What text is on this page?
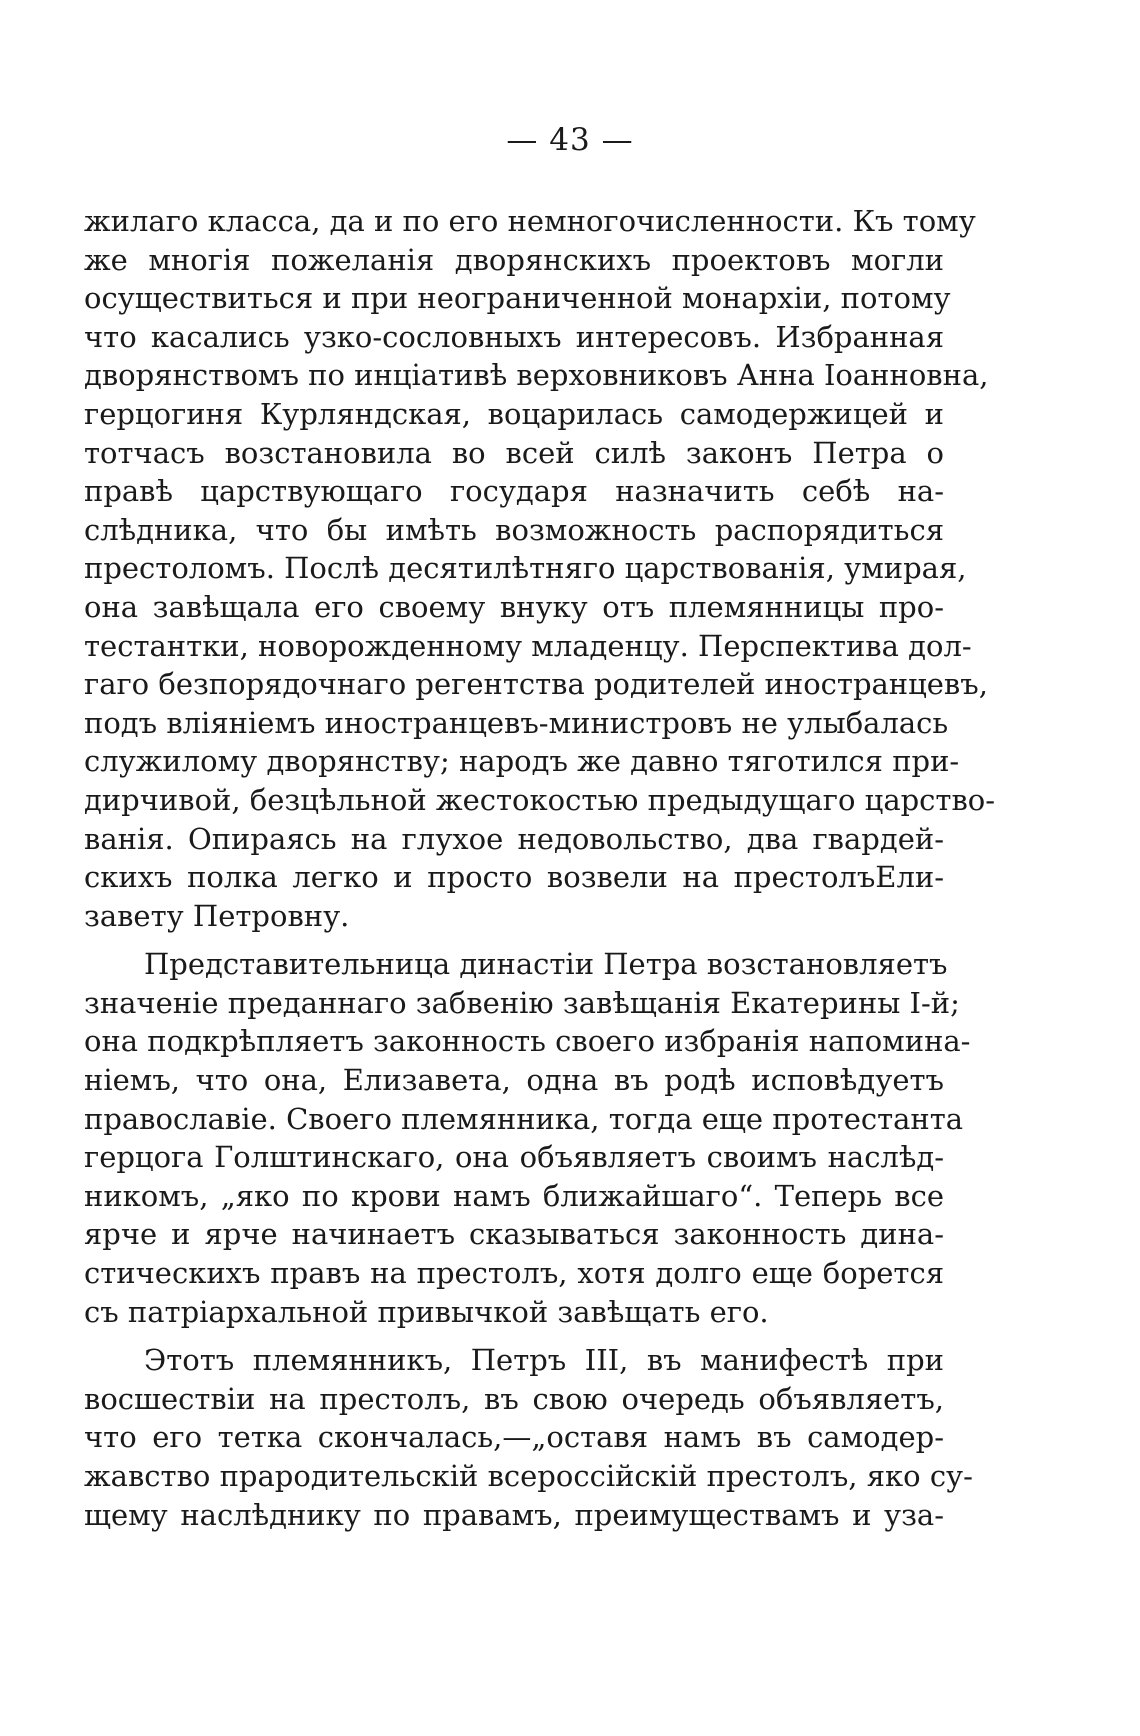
— 43 —
жилаго класса, да и по его немногочисленности. Къ тому
же многія пожеланія дворянскихъ проектовъ могли
осуществиться и при неограниченной монархіи, потому
что касались узко-сословныхъ интересовъ. Избранная
дворянствомъ по инціативѣ верховниковъ Анна Іоанновна,
герцогиня Курляндская, воцарилась самодержицей и
тотчасъ возстановила во всей силѣ законъ Петра о
правѣ царствующаго государя назначить себѣ на-
слѣдника, что бы имѣть возможность распорядиться
престоломъ. Послѣ десятилѣтняго царствованія, умирая,
она завѣщала его своему внуку отъ племянницы про-
тестантки, новорожденному младенцу. Перспектива дол-
гаго безпорядочнаго регентства родителей иностранцевъ,
подъ вліяніемъ иностранцевъ-министровъ не улыбалась
служилому дворянству; народъ же давно тяготился при-
дирчивой, безцѣльной жестокостью предыдущаго царство-
ванія. Опираясь на глухое недовольство, два гвардей-
скихъ полка легко и просто возвели на престолъЕли-
завету Петровну.
Представительница династіи Петра возстановляетъ
значеніе преданнаго забвенію завѣщанія Екатерины I-й;
она подкрѣпляетъ законность своего избранія напомина-
ніемъ, что она, Елизавета, одна въ родѣ исповѣдуетъ
православіе. Своего племянника, тогда еще протестанта
герцога Голштинскаго, она объявляетъ своимъ наслѣд-
никомъ, „яко по крови намъ ближайшаго“. Теперь все
ярче и ярче начинаетъ сказываться законность дина-
стическихъ правъ на престолъ, хотя долго еще борется
съ патріархальной привычкой завѣщать его.
Этотъ племянникъ, Петръ III, въ манифестѣ при
восшествіи на престолъ, въ свою очередь объявляетъ,
что его тетка скончалась,—„оставя намъ въ самодер-
жавство прародительскій всероссійскій престолъ, яко су-
щему наслѣднику по правамъ, преимуществамъ и уза-
